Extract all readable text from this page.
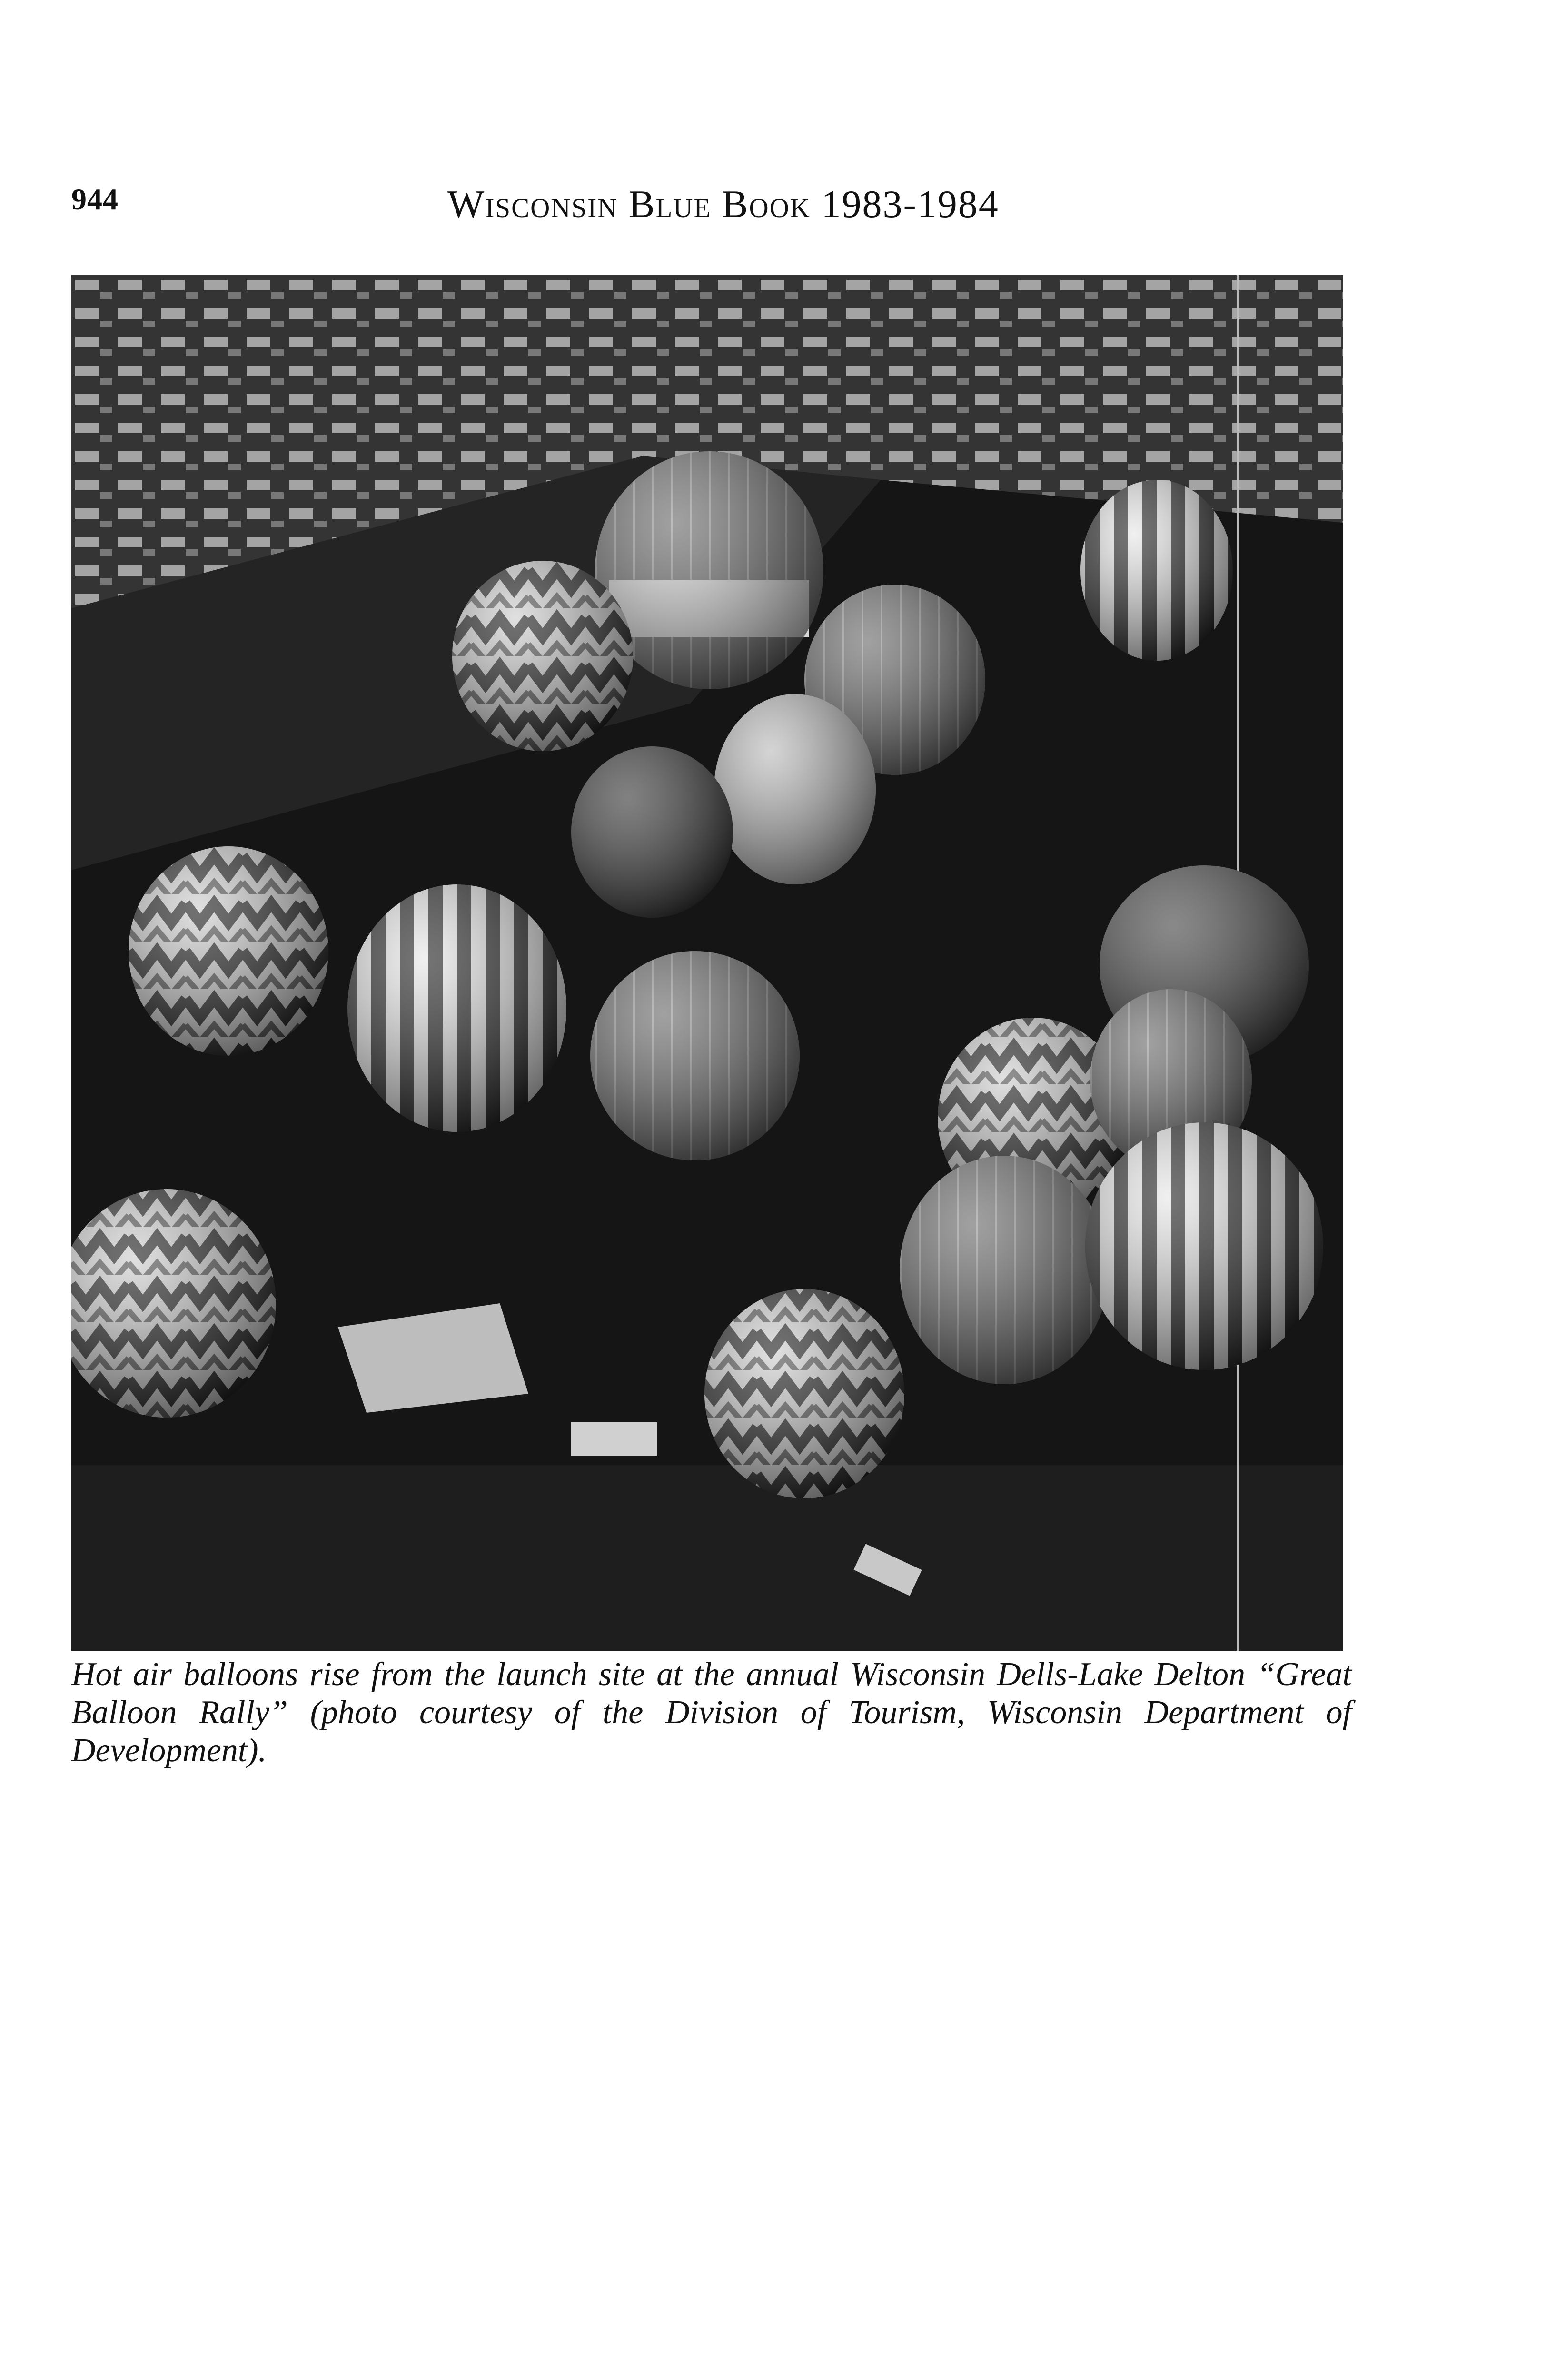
944	Wisconsin Blue Book 1983-1984
Hot air balloons rise from the launch site at the annual Wisconsin Dells-Lake Delton “Great Balloon Rally” (photo courtesy of the Division of Tourism, Wisconsin Department of Development).
